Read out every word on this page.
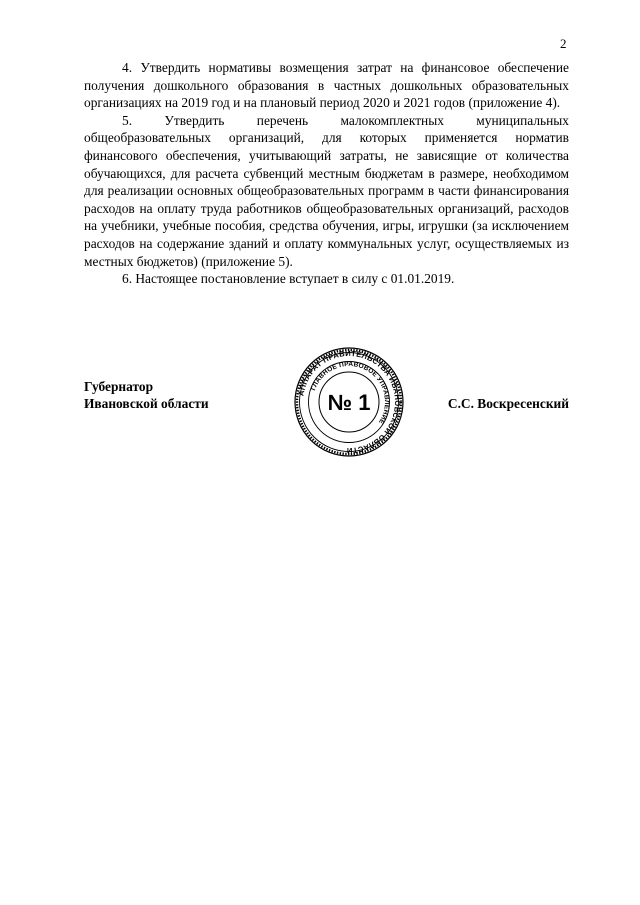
2

4. Утвердить нормативы возмещения затрат на финансовое обеспечение получения дошкольного образования в частных дошкольных образовательных организациях на 2019 год и на плановый период 2020 и 2021 годов (приложение 4).

5. Утвердить перечень малокомплектных муниципальных общеобразовательных организаций, для которых применяется норматив финансового обеспечения, учитывающий затраты, не зависящие от количества обучающихся, для расчета субвенций местным бюджетам в размере, необходимом для реализации основных общеобразовательных программ в части финансирования расходов на оплату труда работников общеобразовательных организаций, расходов на учебники, учебные пособия, средства обучения, игры, игрушки (за исключением расходов на содержание зданий и оплату коммунальных услуг, осуществляемых из местных бюджетов) (приложение 5).

6. Настоящее постановление вступает в силу с 01.01.2019.

Губернатор
Ивановской области
АППАРАТ ПРАВИТЕЛЬСТВА ИВАНОВСКОЙ ОБЛАСТИ
ГЛАВНОЕ ПРАВОВОЕ УПРАВЛЕНИЕ
№ 1	С.С. Воскресенский
